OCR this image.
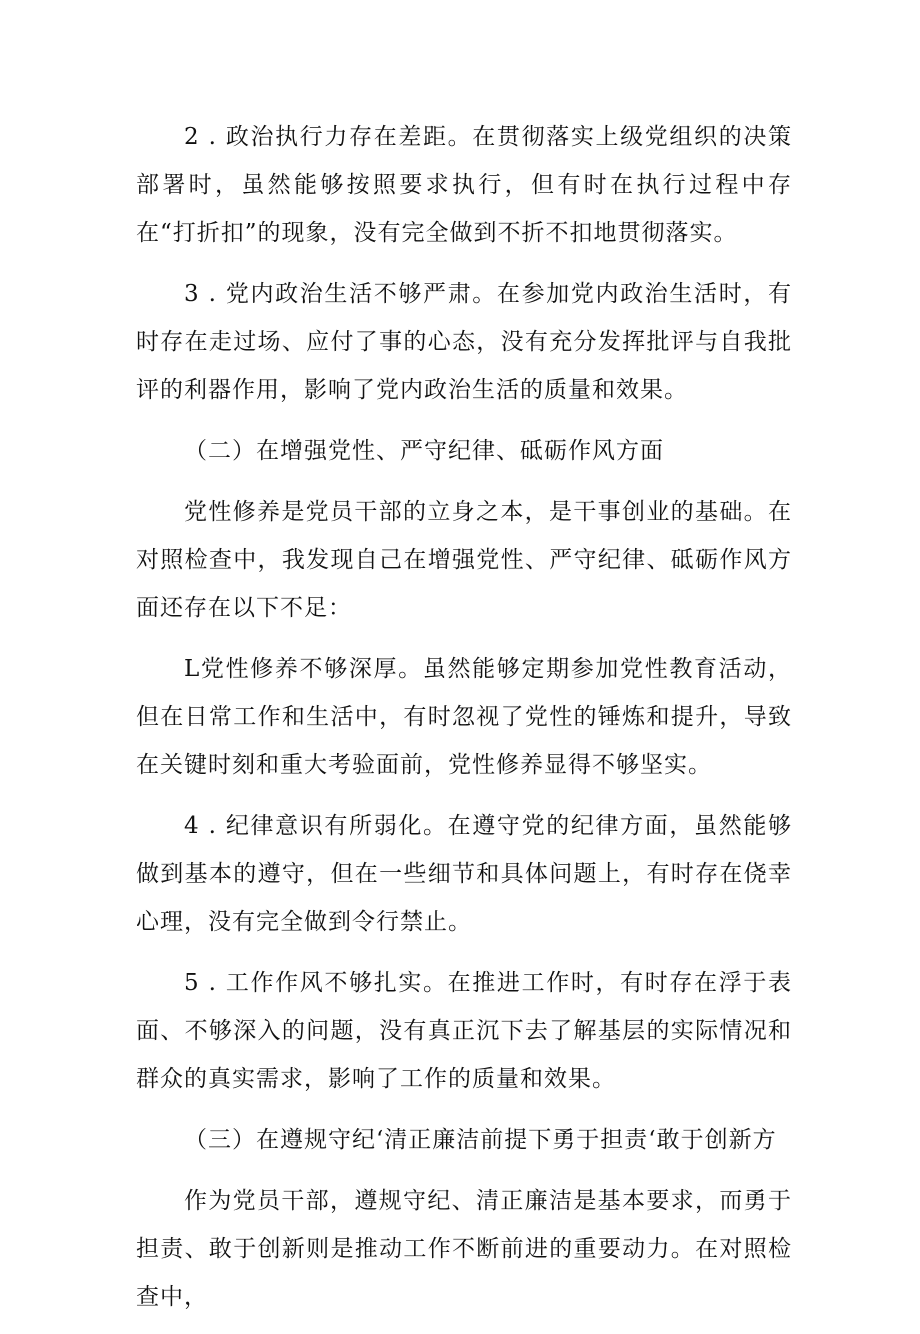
2 . 政治执行力存在差距。在贯彻落实上级党组织的决策部署时，虽然能够按照要求执行，但有时在执行过程中存在“打折扣”的现象，没有完全做到不折不扣地贯彻落实。

3 . 党内政治生活不够严肃。在参加党内政治生活时，有时存在走过场、应付了事的心态，没有充分发挥批评与自我批评的利器作用，影响了党内政治生活的质量和效果。

（二）在增强党性、严守纪律、砥砺作风方面

党性修养是党员干部的立身之本，是干事创业的基础。在对照检查中，我发现自己在增强党性、严守纪律、砥砺作风方面还存在以下不足：

L党性修养不够深厚。虽然能够定期参加党性教育活动，但在日常工作和生活中，有时忽视了党性的锤炼和提升，导致在关键时刻和重大考验面前，党性修养显得不够坚实。

4 . 纪律意识有所弱化。在遵守党的纪律方面，虽然能够做到基本的遵守，但在一些细节和具体问题上，有时存在侥幸心理，没有完全做到令行禁止。

5 . 工作作风不够扎实。在推进工作时，有时存在浮于表面、不够深入的问题，没有真正沉下去了解基层的实际情况和群众的真实需求，影响了工作的质量和效果。

（三）在遵规守纪‘清正廉洁前提下勇于担责‘敢于创新方

作为党员干部，遵规守纪、清正廉洁是基本要求，而勇于担责、敢于创新则是推动工作不断前进的重要动力。在对照检查中，
